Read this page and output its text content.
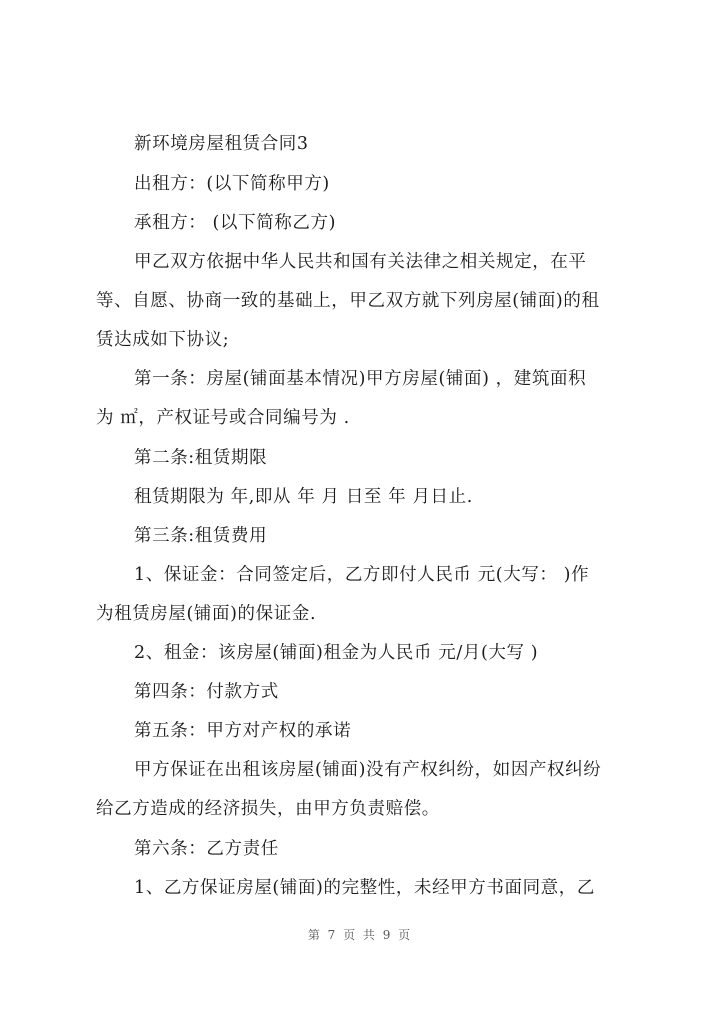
新环境房屋租赁合同3
出租方：(以下简称甲方)
承租方： (以下简称乙方)
甲乙双方依据中华人民共和国有关法律之相关规定，在平
等、自愿、协商一致的基础上，甲乙双方就下列房屋(铺面)的租
赁达成如下协议;
第一条：房屋(铺面基本情况)甲方房屋(铺面) ，建筑面积
为 ㎡，产权证号或合同编号为 .
第二条:租赁期限
租赁期限为 年,即从 年 月 日至 年 月日止.
第三条:租赁费用
1、保证金：合同签定后，乙方即付人民币 元(大写： )作
为租赁房屋(铺面)的保证金.
2、租金：该房屋(铺面)租金为人民币 元/月(大写 )
第四条：付款方式
第五条：甲方对产权的承诺
甲方保证在出租该房屋(铺面)没有产权纠纷，如因产权纠纷
给乙方造成的经济损失，由甲方负责赔偿。
第六条：乙方责任
1、乙方保证房屋(铺面)的完整性，未经甲方书面同意，乙
第 7 页 共 9 页
